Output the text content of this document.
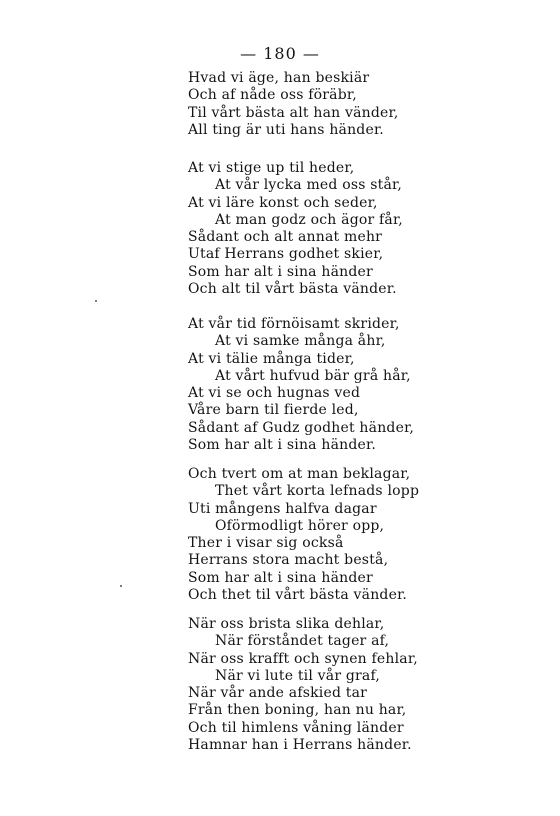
— 180 —
Hvad vi äge, han beskiär
Och af nåde oss föräbr,
Til vårt bästa alt han vänder,
All ting är uti hans händer.
At vi stige up til heder,
At vår lycka med oss står,
At vi läre konst och seder,
At man godz och ägor får,
Sådant och alt annat mehr
Utaf Herrans godhet skier,
Som har alt i sina händer
Och alt til vårt bästa vänder.
At vår tid förnöisamt skrider,
At vi samke många åhr,
At vi tälie många tider,
At vårt hufvud bär grå hår,
At vi se och hugnas ved
Våre barn til fierde led,
Sådant af Gudz godhet händer,
Som har alt i sina händer.
Och tvert om at man beklagar,
Thet vårt korta lefnads lopp
Uti mångens halfva dagar
Oförmodligt hörer opp,
Ther i visar sig också
Herrans stora macht bestå,
Som har alt i sina händer
Och thet til vårt bästa vänder.
När oss brista slika dehlar,
När förståndet tager af,
När oss krafft och synen fehlar,
När vi lute til vår graf,
När vår ande afskied tar
Från then boning, han nu har,
Och til himlens våning länder
Hamnar han i Herrans händer.
